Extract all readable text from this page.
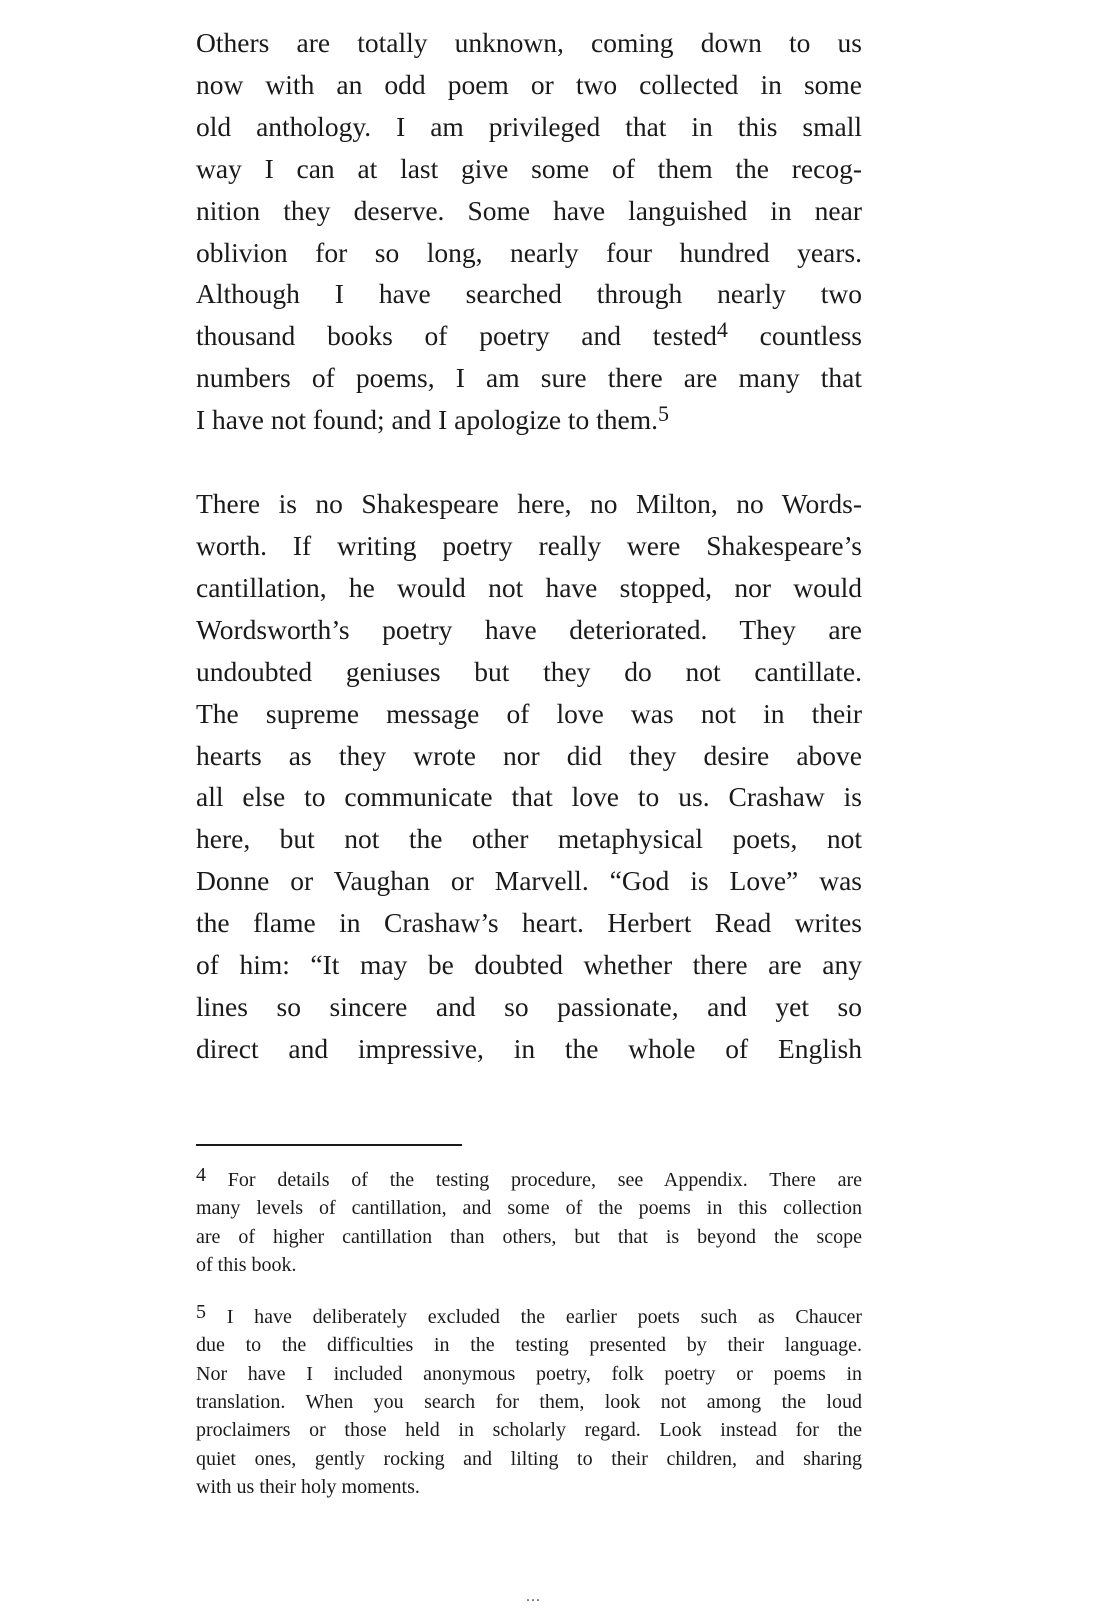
Others are totally unknown, coming down to us
now with an odd poem or two collected in some
old anthology. I am privileged that in this small
way I can at last give some of them the recog-
nition they deserve. Some have languished in near
oblivion for so long, nearly four hundred years.
Although I have searched through nearly two
thousand books of poetry and tested$^4$ countless
numbers of poems, I am sure there are many that
I have not found; and I apologize to them.$^5$

There is no Shakespeare here, no Milton, no Words-
worth. If writing poetry really were Shakespeare’s
cantillation, he would not have stopped, nor would
Wordsworth’s poetry have deteriorated. They are
undoubted geniuses but they do not cantillate.
The supreme message of love was not in their
hearts as they wrote nor did they desire above
all else to communicate that love to us. Crashaw is
here, but not the other metaphysical poets, not
Donne or Vaughan or Marvell. “God is Love” was
the flame in Crashaw’s heart. Herbert Read writes
of him: “It may be doubted whether there are any
lines so sincere and so passionate, and yet so
direct and impressive, in the whole of English

$^4$ For details of the testing procedure, see Appendix. There are
many levels of cantillation, and some of the poems in this collection
are of higher cantillation than others, but that is beyond the scope
of this book.

$^5$ I have deliberately excluded the earlier poets such as Chaucer
due to the difficulties in the testing presented by their language.
Nor have I included anonymous poetry, folk poetry or poems in
translation. When you search for them, look not among the loud
proclaimers or those held in scholarly regard. Look instead for the
quiet ones, gently rocking and lilting to their children, and sharing
with us their holy moments.

...
